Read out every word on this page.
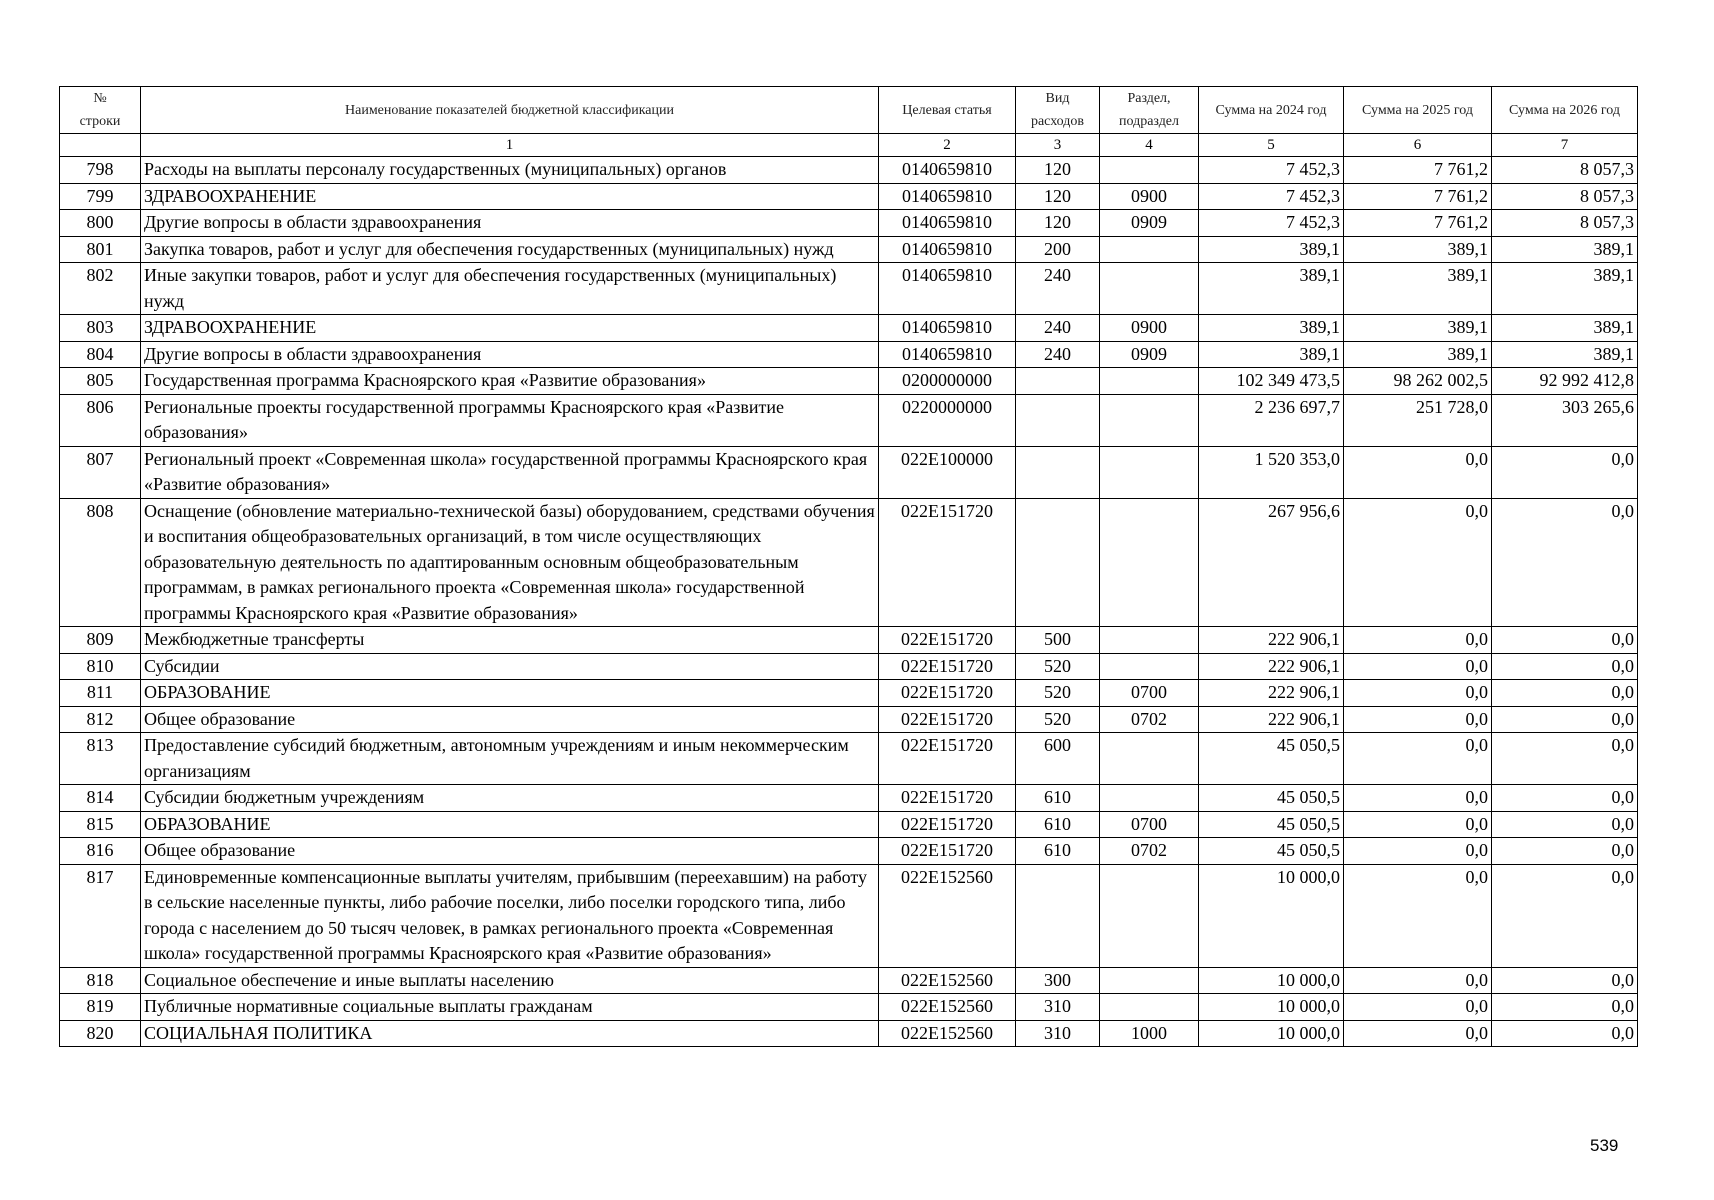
№
строки	Наименование показателей бюджетной классификации	Целевая статья	Вид расходов	Раздел, подраздел	Сумма на 2024 год	Сумма на 2025 год	Сумма на 2026 год
	1	2	3	4	5	6	7
798	Расходы на выплаты персоналу государственных (муниципальных) органов	0140659810	120		7 452,3	7 761,2	8 057,3
799	ЗДРАВООХРАНЕНИЕ	0140659810	120	0900	7 452,3	7 761,2	8 057,3
800	Другие вопросы в области здравоохранения	0140659810	120	0909	7 452,3	7 761,2	8 057,3
801	Закупка товаров, работ и услуг для обеспечения государственных (муниципальных) нужд	0140659810	200		389,1	389,1	389,1
802	Иные закупки товаров, работ и услуг для обеспечения государственных (муниципальных) нужд	0140659810	240		389,1	389,1	389,1
803	ЗДРАВООХРАНЕНИЕ	0140659810	240	0900	389,1	389,1	389,1
804	Другие вопросы в области здравоохранения	0140659810	240	0909	389,1	389,1	389,1
805	Государственная программа Красноярского края «Развитие образования»	0200000000			102 349 473,5	98 262 002,5	92 992 412,8
806	Региональные проекты государственной программы Красноярского края «Развитие образования»	0220000000			2 236 697,7	251 728,0	303 265,6
807	Региональный проект «Современная школа» государственной программы Красноярского края «Развитие образования»	022E100000			1 520 353,0	0,0	0,0
808	Оснащение (обновление материально-технической базы) оборудованием, средствами обучения и воспитания общеобразовательных организаций, в том числе осуществляющих образовательную деятельность по адаптированным основным общеобразовательным программам, в рамках регионального проекта «Современная школа» государственной программы Красноярского края «Развитие образования»	022E151720			267 956,6	0,0	0,0
809	Межбюджетные трансферты	022E151720	500		222 906,1	0,0	0,0
810	Субсидии	022E151720	520		222 906,1	0,0	0,0
811	ОБРАЗОВАНИЕ	022E151720	520	0700	222 906,1	0,0	0,0
812	Общее образование	022E151720	520	0702	222 906,1	0,0	0,0
813	Предоставление субсидий бюджетным, автономным учреждениям и иным некоммерческим организациям	022E151720	600		45 050,5	0,0	0,0
814	Субсидии бюджетным учреждениям	022E151720	610		45 050,5	0,0	0,0
815	ОБРАЗОВАНИЕ	022E151720	610	0700	45 050,5	0,0	0,0
816	Общее образование	022E151720	610	0702	45 050,5	0,0	0,0
817	Единовременные компенсационные выплаты учителям, прибывшим (переехавшим) на работу в сельские населенные пункты, либо рабочие поселки, либо поселки городского типа, либо города с населением до 50 тысяч человек, в рамках регионального проекта «Современная школа» государственной программы Красноярского края «Развитие образования»	022E152560			10 000,0	0,0	0,0
818	Социальное обеспечение и иные выплаты населению	022E152560	300		10 000,0	0,0	0,0
819	Публичные нормативные социальные выплаты гражданам	022E152560	310		10 000,0	0,0	0,0
820	СОЦИАЛЬНАЯ ПОЛИТИКА	022E152560	310	1000	10 000,0	0,0	0,0
539
